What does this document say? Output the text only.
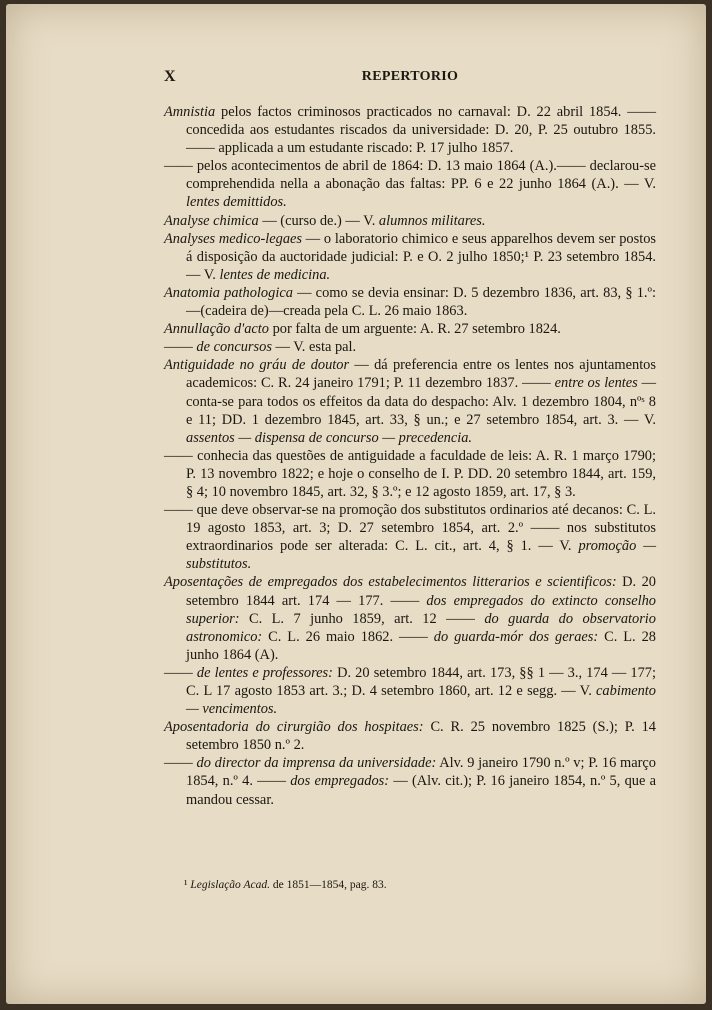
X	REPERTORIO

Amnistia pelos factos criminosos practicados no carnaval: D. 22 abril 1854. —— concedida aos estudantes riscados da universidade: D. 20, P. 25 outubro 1855. —— applicada a um estudante riscado: P. 17 julho 1857.

—— pelos acontecimentos de abril de 1864: D. 13 maio 1864 (A.).—— declarou-se comprehendida nella a abonação das faltas: PP. 6 e 22 junho 1864 (A.). — V. lentes demittidos.

Analyse chimica — (curso de.) — V. alumnos militares.

Analyses medico-legaes — o laboratorio chimico e seus apparelhos devem ser postos á disposição da auctoridade judicial: P. e O. 2 julho 1850;¹ P. 23 setembro 1854. — V. lentes de medicina.

Anatomia pathologica — como se devia ensinar: D. 5 dezembro 1836, art. 83, § 1.º:—(cadeira de)—creada pela C. L. 26 maio 1863.

Annullação d'acto por falta de um arguente: A. R. 27 setembro 1824.

—— de concursos — V. esta pal.

Antiguidade no gráu de doutor — dá preferencia entre os lentes nos ajuntamentos academicos: C. R. 24 janeiro 1791; P. 11 dezembro 1837. —— entre os lentes — conta-se para todos os effeitos da data do despacho: Alv. 1 dezembro 1804, nºˢ 8 e 11; DD. 1 dezembro 1845, art. 33, § un.; e 27 setembro 1854, art. 3. — V. assentos — dispensa de concurso — precedencia.

—— conhecia das questões de antiguidade a faculdade de leis: A. R. 1 março 1790; P. 13 novembro 1822; e hoje o conselho de I. P. DD. 20 setembro 1844, art. 159, § 4; 10 novembro 1845, art. 32, § 3.º; e 12 agosto 1859, art. 17, § 3.

—— que deve observar-se na promoção dos substitutos ordinarios até decanos: C. L. 19 agosto 1853, art. 3; D. 27 setembro 1854, art. 2.º —— nos substitutos extraordinarios pode ser alterada: C. L. cit., art. 4, § 1. — V. promoção — substitutos.

Aposentações de empregados dos estabelecimentos litterarios e scientificos: D. 20 setembro 1844 art. 174 — 177. —— dos empregados do extincto conselho superior: C. L. 7 junho 1859, art. 12 —— do guarda do observatorio astronomico: C. L. 26 maio 1862. —— do guarda-mór dos geraes: C. L. 28 junho 1864 (A).

—— de lentes e professores: D. 20 setembro 1844, art. 173, §§ 1 — 3., 174 — 177; C. L 17 agosto 1853 art. 3.; D. 4 setembro 1860, art. 12 e segg. — V. cabimento — vencimentos.

Aposentadoria do cirurgião dos hospitaes: C. R. 25 novembro 1825 (S.); P. 14 setembro 1850 n.º 2.

—— do director da imprensa da universidade: Alv. 9 janeiro 1790 n.º v; P. 16 março 1854, n.º 4. —— dos empregados: — (Alv. cit.); P. 16 janeiro 1854, n.º 5, que a mandou cessar.

¹ Legislação Acad. de 1851—1854, pag. 83.
